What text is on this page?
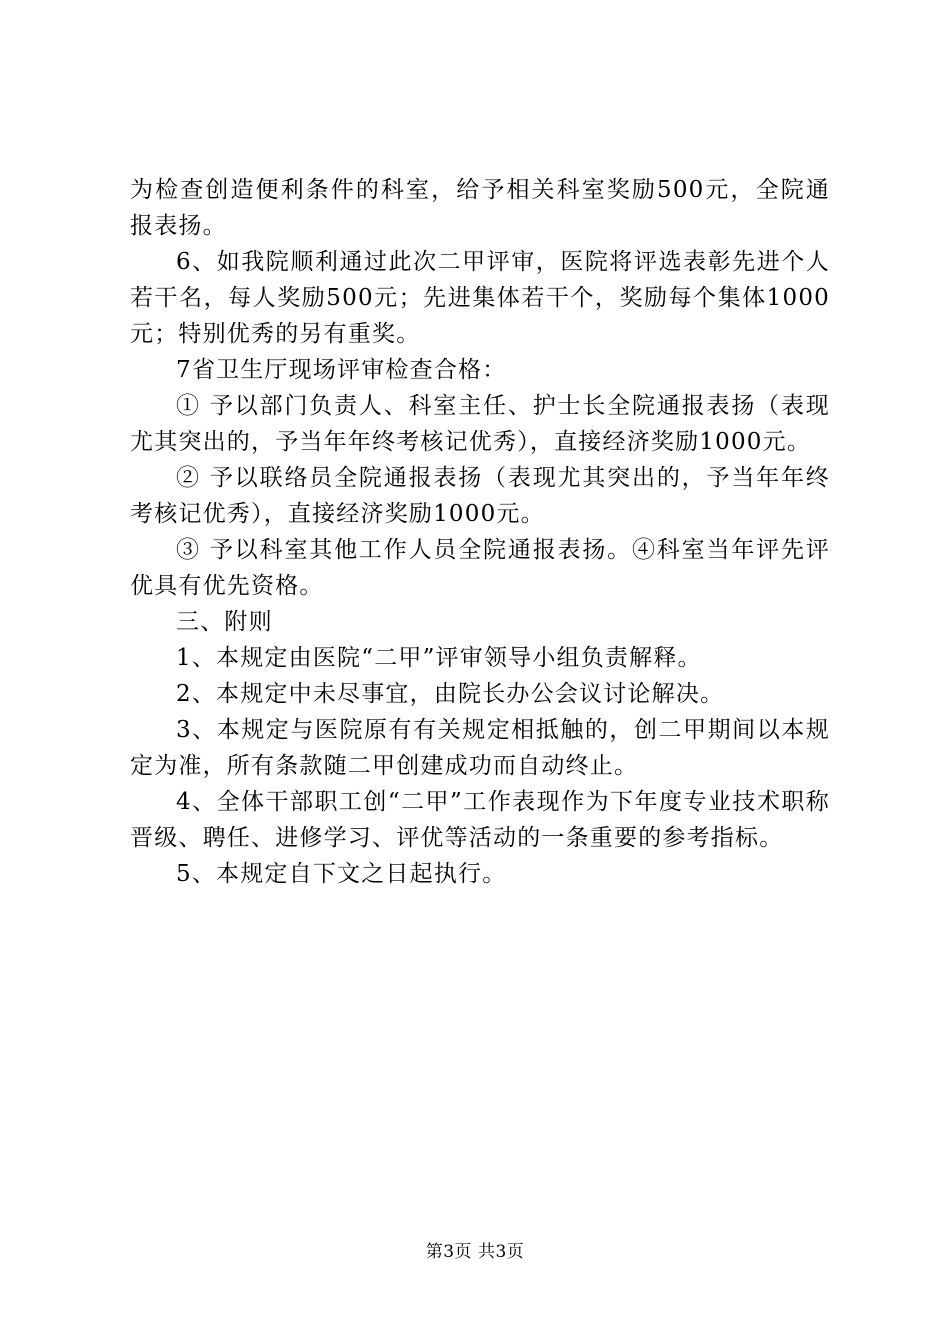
为检查创造便利条件的科室，给予相关科室奖励500元，全院通报表扬。

6、如我院顺利通过此次二甲评审，医院将评选表彰先进个人若干名，每人奖励500元；先进集体若干个，奖励每个集体1000元；特别优秀的另有重奖。

7省卫生厅现场评审检查合格：

① 予以部门负责人、科室主任、护士长全院通报表扬（表现尤其突出的，予当年年终考核记优秀），直接经济奖励1000元。

② 予以联络员全院通报表扬（表现尤其突出的，予当年年终考核记优秀），直接经济奖励1000元。

③ 予以科室其他工作人员全院通报表扬。④科室当年评先评优具有优先资格。

三、附则

1、本规定由医院“二甲”评审领导小组负责解释。

2、本规定中未尽事宜，由院长办公会议讨论解决。

3、本规定与医院原有有关规定相抵触的，创二甲期间以本规定为准，所有条款随二甲创建成功而自动终止。

4、全体干部职工创“二甲”工作表现作为下年度专业技术职称晋级、聘任、进修学习、评优等活动的一条重要的参考指标。

5、本规定自下文之日起执行。

第3页 共3页
